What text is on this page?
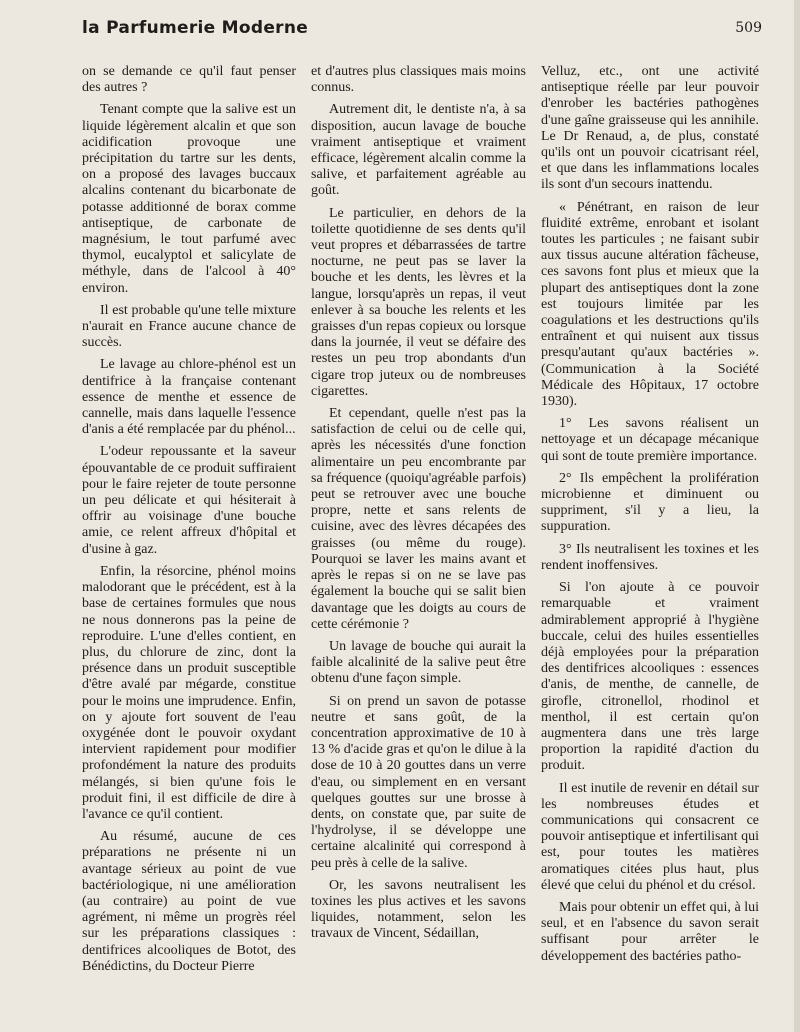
la Parfumerie Moderne	509

on se demande ce qu'il faut penser des autres ?

Tenant compte que la salive est un liquide légèrement alcalin et que son acidification provoque une précipitation du tartre sur les dents, on a proposé des lavages buccaux alcalins contenant du bicarbonate de potasse additionné de borax comme antiseptique, de carbonate de magnésium, le tout parfumé avec thymol, eucalyptol et salicylate de méthyle, dans de l'alcool à 40° environ.

Il est probable qu'une telle mixture n'aurait en France aucune chance de succès.

Le lavage au chlore-phénol est un dentifrice à la française contenant essence de menthe et essence de cannelle, mais dans laquelle l'essence d'anis a été remplacée par du phénol...

L'odeur repoussante et la saveur épouvantable de ce produit suffiraient pour le faire rejeter de toute personne un peu délicate et qui hésiterait à offrir au voisinage d'une bouche amie, ce relent affreux d'hôpital et d'usine à gaz.

Enfin, la résorcine, phénol moins malodorant que le précédent, est à la base de certaines formules que nous ne nous donnerons pas la peine de reproduire. L'une d'elles contient, en plus, du chlorure de zinc, dont la présence dans un produit susceptible d'être avalé par mégarde, constitue pour le moins une imprudence. Enfin, on y ajoute fort souvent de l'eau oxygénée dont le pouvoir oxydant intervient rapidement pour modifier profondément la nature des produits mélangés, si bien qu'une fois le produit fini, il est difficile de dire à l'avance ce qu'il contient.

Au résumé, aucune de ces préparations ne présente ni un avantage sérieux au point de vue bactériologique, ni une amélioration (au contraire) au point de vue agrément, ni même un progrès réel sur les préparations classiques : dentifrices alcooliques de Botot, des Bénédictins, du Docteur Pierre

et d'autres plus classiques mais moins connus.

Autrement dit, le dentiste n'a, à sa disposition, aucun lavage de bouche vraiment antiseptique et vraiment efficace, légèrement alcalin comme la salive, et parfaitement agréable au goût.

Le particulier, en dehors de la toilette quotidienne de ses dents qu'il veut propres et débarrassées de tartre nocturne, ne peut pas se laver la bouche et les dents, les lèvres et la langue, lorsqu'après un repas, il veut enlever à sa bouche les relents et les graisses d'un repas copieux ou lorsque dans la journée, il veut se défaire des restes un peu trop abondants d'un cigare trop juteux ou de nombreuses cigarettes.

Et cependant, quelle n'est pas la satisfaction de celui ou de celle qui, après les nécessités d'une fonction alimentaire un peu encombrante par sa fréquence (quoiqu'agréable parfois) peut se retrouver avec une bouche propre, nette et sans relents de cuisine, avec des lèvres décapées des graisses (ou même du rouge). Pourquoi se laver les mains avant et après le repas si on ne se lave pas également la bouche qui se salit bien davantage que les doigts au cours de cette cérémonie ?

Un lavage de bouche qui aurait la faible alcalinité de la salive peut être obtenu d'une façon simple.

Si on prend un savon de potasse neutre et sans goût, de la concentration approximative de 10 à 13 % d'acide gras et qu'on le dilue à la dose de 10 à 20 gouttes dans un verre d'eau, ou simplement en en versant quelques gouttes sur une brosse à dents, on constate que, par suite de l'hydrolyse, il se développe une certaine alcalinité qui correspond à peu près à celle de la salive.

Or, les savons neutralisent les toxines les plus actives et les savons liquides, notamment, selon les travaux de Vincent, Sédaillan,

Velluz, etc., ont une activité antiseptique réelle par leur pouvoir d'enrober les bactéries pathogènes d'une gaîne graisseuse qui les annihile. Le Dr Renaud, a, de plus, constaté qu'ils ont un pouvoir cicatrisant réel, et que dans les inflammations locales ils sont d'un secours inattendu.

« Pénétrant, en raison de leur fluidité extrême, enrobant et isolant toutes les particules ; ne faisant subir aux tissus aucune altération fâcheuse, ces savons font plus et mieux que la plupart des antiseptiques dont la zone est toujours limitée par les coagulations et les destructions qu'ils entraînent et qui nuisent aux tissus presqu'autant qu'aux bactéries ». (Communication à la Société Médicale des Hôpitaux, 17 octobre 1930).

1° Les savons réalisent un nettoyage et un décapage mécanique qui sont de toute première importance.

2° Ils empêchent la prolifération microbienne et diminuent ou suppriment, s'il y a lieu, la suppuration.

3° Ils neutralisent les toxines et les rendent inoffensives.

Si l'on ajoute à ce pouvoir remarquable et vraiment admirablement approprié à l'hygiène buccale, celui des huiles essentielles déjà employées pour la préparation des dentifrices alcooliques : essences d'anis, de menthe, de cannelle, de girofle, citronellol, rhodinol et menthol, il est certain qu'on augmentera dans une très large proportion la rapidité d'action du produit.

Il est inutile de revenir en détail sur les nombreuses études et communications qui consacrent ce pouvoir antiseptique et infertilisant qui est, pour toutes les matières aromatiques citées plus haut, plus élevé que celui du phénol et du crésol.

Mais pour obtenir un effet qui, à lui seul, et en l'absence du savon serait suffisant pour arrêter le développement des bactéries patho-
